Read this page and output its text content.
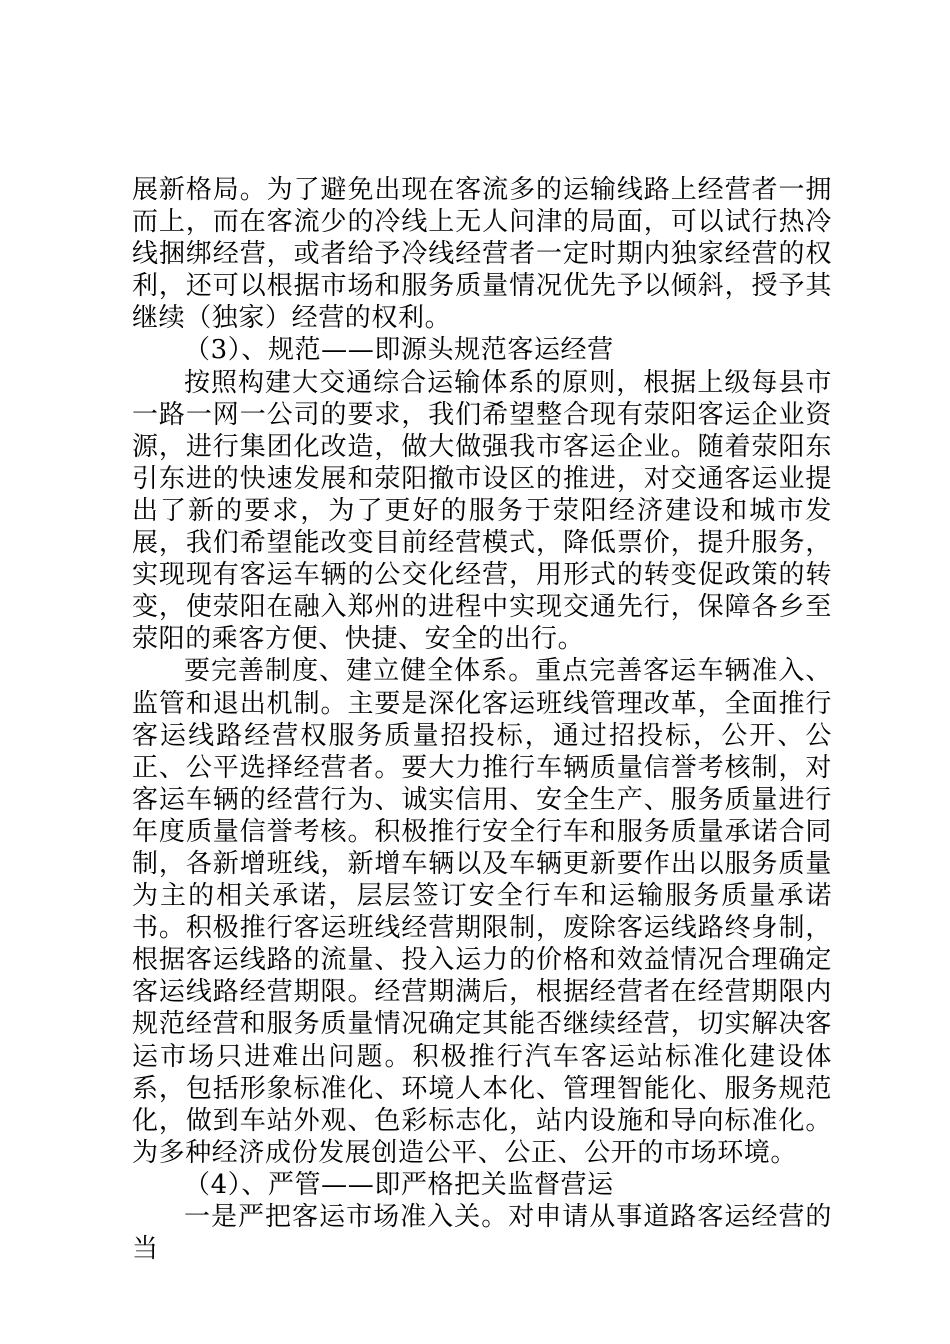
展新格局。为了避免出现在客流多的运输线路上经营者一拥而上，而在客流少的冷线上无人问津的局面，可以试行热冷线捆绑经营，或者给予冷线经营者一定时期内独家经营的权利，还可以根据市场和服务质量情况优先予以倾斜，授予其继续（独家）经营的权利。

（3）、规范——即源头规范客运经营

按照构建大交通综合运输体系的原则，根据上级每县市一路一网一公司的要求，我们希望整合现有荥阳客运企业资源，进行集团化改造，做大做强我市客运企业。随着荥阳东引东进的快速发展和荥阳撤市设区的推进，对交通客运业提出了新的要求，为了更好的服务于荥阳经济建设和城市发展，我们希望能改变目前经营模式，降低票价，提升服务，实现现有客运车辆的公交化经营，用形式的转变促政策的转变，使荥阳在融入郑州的进程中实现交通先行，保障各乡至荥阳的乘客方便、快捷、安全的出行。

要完善制度、建立健全体系。重点完善客运车辆准入、监管和退出机制。主要是深化客运班线管理改革，全面推行客运线路经营权服务质量招投标，通过招投标，公开、公正、公平选择经营者。要大力推行车辆质量信誉考核制，对客运车辆的经营行为、诚实信用、安全生产、服务质量进行年度质量信誉考核。积极推行安全行车和服务质量承诺合同制，各新增班线，新增车辆以及车辆更新要作出以服务质量为主的相关承诺，层层签订安全行车和运输服务质量承诺书。积极推行客运班线经营期限制，废除客运线路终身制，根据客运线路的流量、投入运力的价格和效益情况合理确定客运线路经营期限。经营期满后，根据经营者在经营期限内规范经营和服务质量情况确定其能否继续经营，切实解决客运市场只进难出问题。积极推行汽车客运站标准化建设体系，包括形象标准化、环境人本化、管理智能化、服务规范化，做到车站外观、色彩标志化，站内设施和导向标准化。为多种经济成份发展创造公平、公正、公开的市场环境。

（4）、严管——即严格把关监督营运

一是严把客运市场准入关。对申请从事道路客运经营的当
